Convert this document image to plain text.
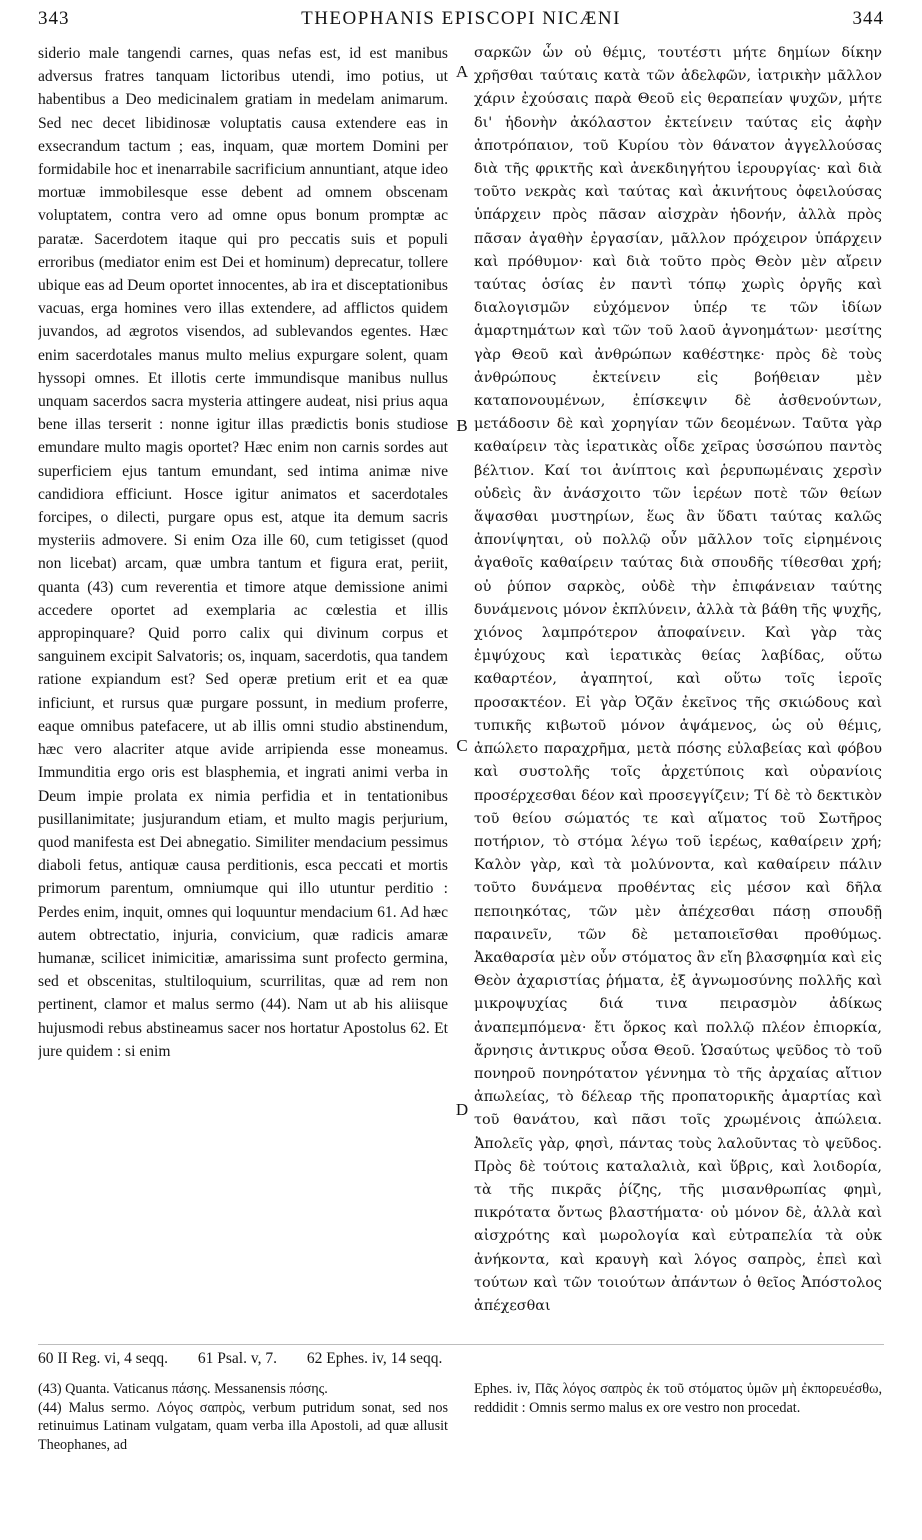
343	THEOPHANIS EPISCOPI NICÆNI	344

siderio male tangendi carnes, quas nefas est, id est manibus adversus fratres tanquam lictoribus utendi, imo potius, ut habentibus a Deo medicinalem gratiam in medelam animarum. Sed nec decet libidinosæ voluptatis causa extendere eas in exsecrandum tactum ; eas, inquam, quæ mortem Domini per formidabile hoc et inenarrabile sacrificium annuntiant, atque ideo mortuæ immobilesque esse debent ad omnem obscenam voluptatem, contra vero ad omne opus bonum promptæ ac paratæ. Sacerdotem itaque qui pro peccatis suis et populi erroribus (mediator enim est Dei et hominum) deprecatur, tollere ubique eas ad Deum oportet innocentes, ab ira et disceptationibus vacuas, erga homines vero illas extendere, ad afflictos quidem juvandos, ad ægrotos visendos, ad sublevandos egentes. Hæc enim sacerdotales manus multo melius expurgare solent, quam hyssopi omnes. Et illotis certe immundisque manibus nullus unquam sacerdos sacra mysteria attingere audeat, nisi prius aqua bene illas terserit : nonne igitur illas prædictis bonis studiose emundare multo magis oportet? Hæc enim non carnis sordes aut superficiem ejus tantum emundant, sed intima animæ nive candidiora efficiunt. Hosce igitur animatos et sacerdotales forcipes, o dilecti, purgare opus est, atque ita demum sacris mysteriis admovere. Si enim Oza ille 60, cum tetigisset (quod non licebat) arcam, quæ umbra tantum et figura erat, periit, quanta (43) cum reverentia et timore atque demissione animi accedere oportet ad exemplaria ac cœlestia et illis appropinquare? Quid porro calix qui divinum corpus et sanguinem excipit Salvatoris; os, inquam, sacerdotis, qua tandem ratione expiandum est? Sed operæ pretium erit et ea quæ inficiunt, et rursus quæ purgare possunt, in medium proferre, eaque omnibus patefacere, ut ab illis omni studio abstinendum, hæc vero alacriter atque avide arripienda esse moneamus. Immunditia ergo oris est blasphemia, et ingrati animi verba in Deum impie prolata ex nimia perfidia et in tentationibus pusillanimitate; jusjurandum etiam, et multo magis perjurium, quod manifesta est Dei abnegatio. Similiter mendacium pessimus diaboli fetus, antiquæ causa perditionis, esca peccati et mortis primorum parentum, omniumque qui illo utuntur perditio : Perdes enim, inquit, omnes qui loquuntur mendacium 61. Ad hæc autem obtrectatio, injuria, convicium, quæ radicis amaræ humanæ, scilicet inimicitiæ, amarissima sunt profecto germina, sed et obscenitas, stultiloquium, scurrilitas, quæ ad rem non pertinent, clamor et malus sermo (44). Nam ut ab his aliisque hujusmodi rebus abstineamus sacer nos hortatur Apostolus 62. Et jure quidem : si enim

A
B
C
D

σαρκῶν ὧν οὐ θέμις, τουτέστι μήτε δημίων δίκην χρῆσθαι ταύταις κατὰ τῶν ἀδελφῶν, ἰατρικὴν μᾶλλον χάριν ἐχούσαις παρὰ Θεοῦ εἰς θεραπείαν ψυχῶν, μήτε δι' ἡδονὴν ἀκόλαστον ἐκτείνειν ταύτας εἰς ἀφὴν ἀποτρόπαιον, τοῦ Κυρίου τὸν θάνατον ἀγγελλούσας διὰ τῆς φρικτῆς καὶ ἀνεκδιηγήτου ἱερουργίας· καὶ διὰ τοῦτο νεκρὰς καὶ ταύτας καὶ ἀκινήτους ὀφειλούσας ὑπάρχειν πρὸς πᾶσαν αἰσχρὰν ἡδονήν, ἀλλὰ πρὸς πᾶσαν ἀγαθὴν ἐργασίαν, μᾶλλον πρόχειρον ὑπάρχειν καὶ πρόθυμον· καὶ διὰ τοῦτο πρὸς Θεὸν μὲν αἴρειν ταύτας ὁσίας ἐν παντὶ τόπῳ χωρὶς ὀργῆς καὶ διαλογισμῶν εὐχόμενον ὑπέρ τε τῶν ἰδίων ἁμαρτημάτων καὶ τῶν τοῦ λαοῦ ἀγνοημάτων· μεσίτης γὰρ Θεοῦ καὶ ἀνθρώπων καθέστηκε· πρὸς δὲ τοὺς ἀνθρώπους ἐκτείνειν εἰς βοήθειαν μὲν καταπονουμένων, ἐπίσκεψιν δὲ ἀσθενούντων, μετάδοσιν δὲ καὶ χορηγίαν τῶν δεομένων. Ταῦτα γὰρ καθαίρειν τὰς ἱερατικὰς οἶδε χεῖρας ὑσσώπου παντὸς βέλτιον. Καί τοι ἀνίπτοις καὶ ῥερυπωμέναις χερσὶν οὐδεὶς ἂν ἀνάσχοιτο τῶν ἱερέων ποτὲ τῶν θείων ἅψασθαι μυστηρίων, ἕως ἂν ὕδατι ταύτας καλῶς ἀπονίψηται, οὐ πολλῷ οὖν μᾶλλον τοῖς εἰρημένοις ἀγαθοῖς καθαίρειν ταύτας διὰ σπουδῆς τίθεσθαι χρή; οὐ ῥύπον σαρκὸς, οὐδὲ τὴν ἐπιφάνειαν ταύτης δυνάμενοις μόνον ἐκπλύνειν, ἀλλὰ τὰ βάθη τῆς ψυχῆς, χιόνος λαμπρότερον ἀποφαίνειν. Καὶ γὰρ τὰς ἐμψύχους καὶ ἱερατικὰς θείας λαβίδας, οὕτω καθαρτέον, ἀγαπητοί, καὶ οὕτω τοῖς ἱεροῖς προσακτέον. Εἰ γὰρ Ὀζᾶν ἐκεῖνος τῆς σκιώδους καὶ τυπικῆς κιβωτοῦ μόνον ἁψάμενος, ὡς οὐ θέμις, ἀπώλετο παραχρῆμα, μετὰ πόσης εὐλαβείας καὶ φόβου καὶ συστολῆς τοῖς ἀρχετύποις καὶ οὐρανίοις προσέρχεσθαι δέον καὶ προσεγγίζειν; Τί δὲ τὸ δεκτικὸν τοῦ θείου σώματός τε καὶ αἵματος τοῦ Σωτῆρος ποτήριον, τὸ στόμα λέγω τοῦ ἱερέως, καθαίρειν χρή; Καλὸν γὰρ, καὶ τὰ μολύνοντα, καὶ καθαίρειν πάλιν τοῦτο δυνάμενα προθέντας εἰς μέσον καὶ δῆλα πεποιηκότας, τῶν μὲν ἀπέχεσθαι πάσῃ σπουδῇ παραινεῖν, τῶν δὲ μεταποιεῖσθαι προθύμως. Ἀκαθαρσία μὲν οὖν στόματος ἂν εἴη βλασφημία καὶ εἰς Θεὸν ἀχαριστίας ῥήματα, ἐξ ἀγνωμοσύνης πολλῆς καὶ μικροψυχίας διά τινα πειρασμὸν ἀδίκως ἀναπεμπόμενα· ἔτι ὅρκος καὶ πολλῷ πλέον ἐπιορκία, ἄρνησις ἀντικρυς οὖσα Θεοῦ. Ὡσαύτως ψεῦδος τὸ τοῦ πονηροῦ πονηρότατον γέννημα τὸ τῆς ἀρχαίας αἴτιον ἀπωλείας, τὸ δέλεαρ τῆς προπατορικῆς ἁμαρτίας καὶ τοῦ θανάτου, καὶ πᾶσι τοῖς χρωμένοις ἀπώλεια. Ἀπολεῖς γὰρ, φησὶ, πάντας τοὺς λαλοῦντας τὸ ψεῦδος. Πρὸς δὲ τούτοις καταλαλιὰ, καὶ ὕβρις, καὶ λοιδορία, τὰ τῆς πικρᾶς ῥίζης, τῆς μισανθρωπίας φημὶ, πικρότατα ὄντως βλαστήματα· οὐ μόνον δὲ, ἀλλὰ καὶ αἰσχρότης καὶ μωρολογία καὶ εὐτραπελία τὰ οὐκ ἀνήκοντα, καὶ κραυγὴ καὶ λόγος σαπρὸς, ἐπεὶ καὶ τούτων καὶ τῶν τοιούτων ἀπάντων ὁ θεῖος Ἀπόστολος ἀπέχεσθαι

60 II Reg. vi, 4 seqq. 61 Psal. v, 7. 62 Ephes. iv, 14 seqq.

(43) Quanta. Vaticanus πάσης. Messanensis πόσης.

(44) Malus sermo. Λόγος σαπρὸς, verbum putridum sonat, sed nos retinuimus Latinam vulgatam, quam verba illa Apostoli, ad quæ allusit Theophanes, ad

Ephes. iv, Πᾶς λόγος σαπρὸς ἐκ τοῦ στόματος ὑμῶν μὴ ἐκπορευέσθω, reddidit : Omnis sermo malus ex ore vestro non procedat.
